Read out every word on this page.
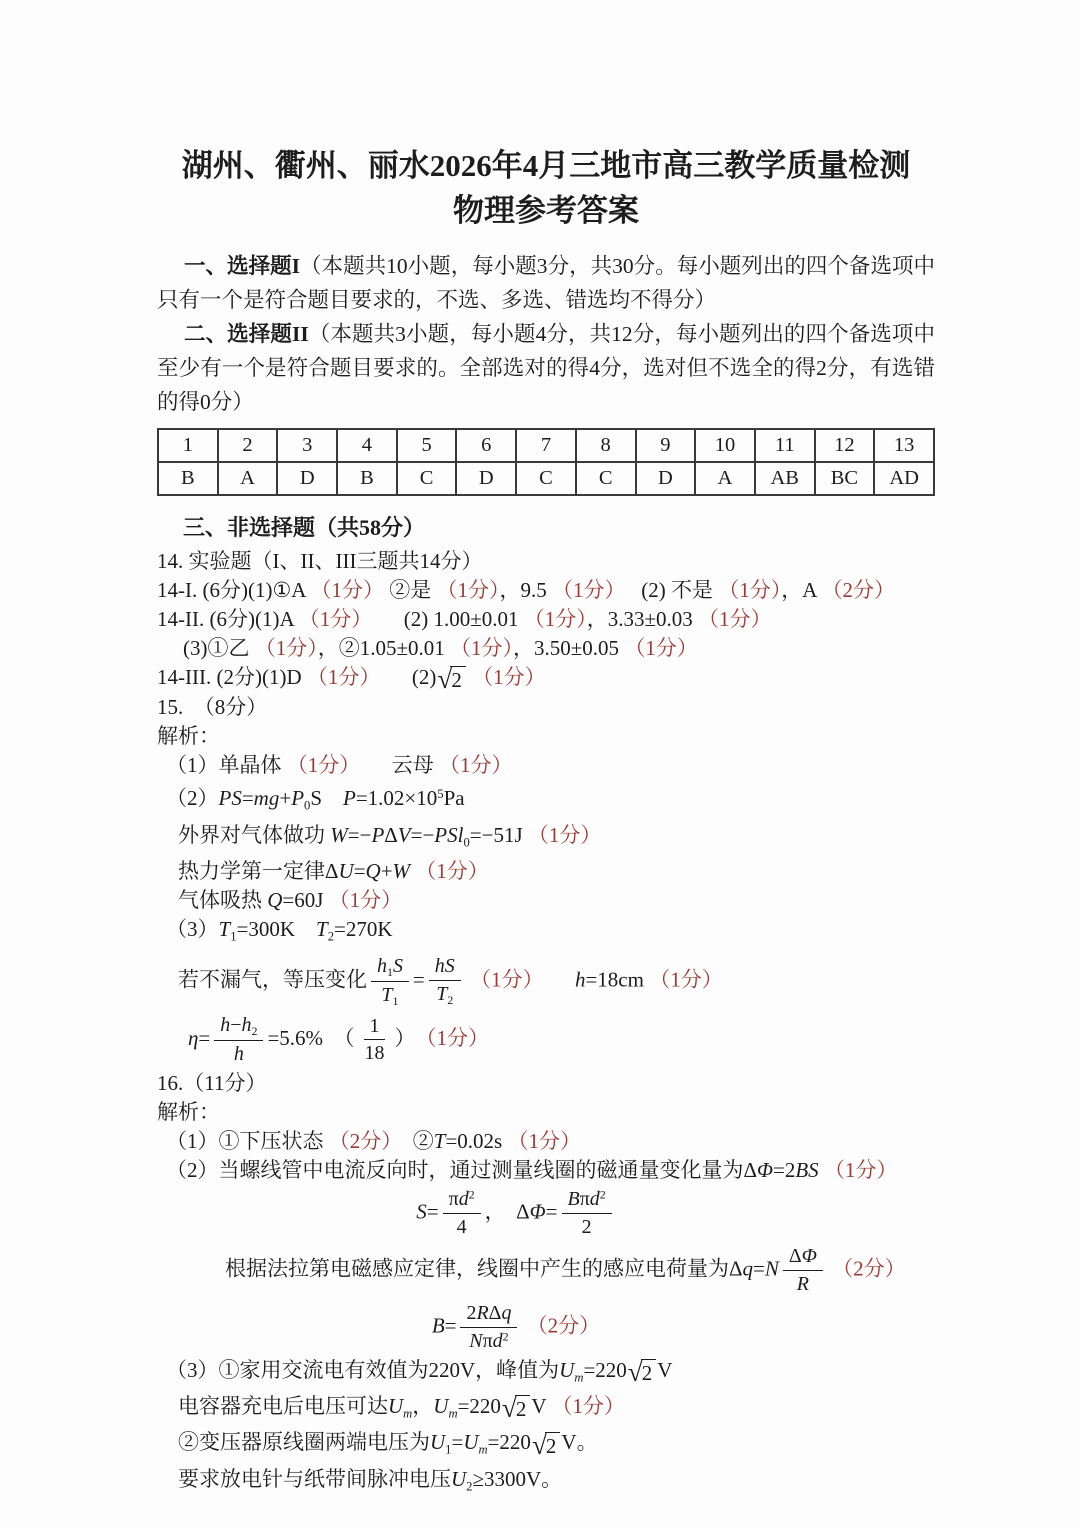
湖州、衢州、丽水2026年4月三地市高三教学质量检测
物理参考答案

一、选择题I（本题共10小题，每小题3分，共30分。每小题列出的四个备选项中只有一个是符合题目要求的，不选、多选、错选均不得分）

二、选择题II（本题共3小题，每小题4分，共12分，每小题列出的四个备选项中至少有一个是符合题目要求的。全部选对的得4分，选对但不选全的得2分，有选错的得0分）

1	2	3	4	5	6	7	8	9	10	11	12	13
B	A	D	B	C	D	C	C	D	A	AB	BC	AD

三、非选择题（共58分）

14. 实验题（I、II、III三题共14分）
14-I. (6分)(1)①A （1分） ②是 （1分），9.5 （1分）　 (2) 不是 （1分），A （2分）
14-II. (6分)(1)A （1分）　　(2) 1.00±0.01 （1分），3.33±0.03 （1分）
(3)①乙 （1分），②1.05±0.01 （1分），3.50±0.05 （1分）
14-III. (2分)(1)D （1分）　　(2) √ 2 （1分）
15.　（8分）
解析：
（1）单晶体 （1分）　　云母 （1分）
$(2)PS=mg+P_0S$　$P=1.02\times 10^5Pa$
外界对气体做功 W=−PΔV=−PSl$_0$=−51J （1分）
热力学第一定律ΔU=Q+W （1分）
气体吸热 Q=60J （1分）
$(3)T_1=300K$　$T_2=270K$
若不漏气，等压变化 $\frac{h_1S}{T_1} = \frac{hS}{T_2} (1$分）　　 h=18cm （1分）
$\eta= \frac{h-h_2}{h} =5.6\%$　（ $\frac{1}{18}$ ）　（1分）
16.（11分）
解析：
（1）①下压状态 （2分）　②T=0.02s （1分）
（2）当螺线管中电流反向时，通过测量线圈的磁通量变化量为ΔΦ=2BS （1分）
$S= \frac{\pi d^2}{4}$ ，　ΔΦ=
Bπd$^2$
2
根据法拉第电磁感应定律，线圈中产生的感应电荷量为$\Delta q=N \frac{\Delta\Phi}{R} (2$分）
B=
2RΔq
Nπd$^2$ （2分）
（3）①家用交流电有效值为220V，峰值为$U_m=220$ √ 2 V
电容器充电后电压可达$U_m$，$U_m=220$ √ 2 V （1分）
②变压器原线圈两端电压为$U_1=U_m=220$ √ 2 V。
要求放电针与纸带间脉冲电压$U_2\ge 3300V$。
